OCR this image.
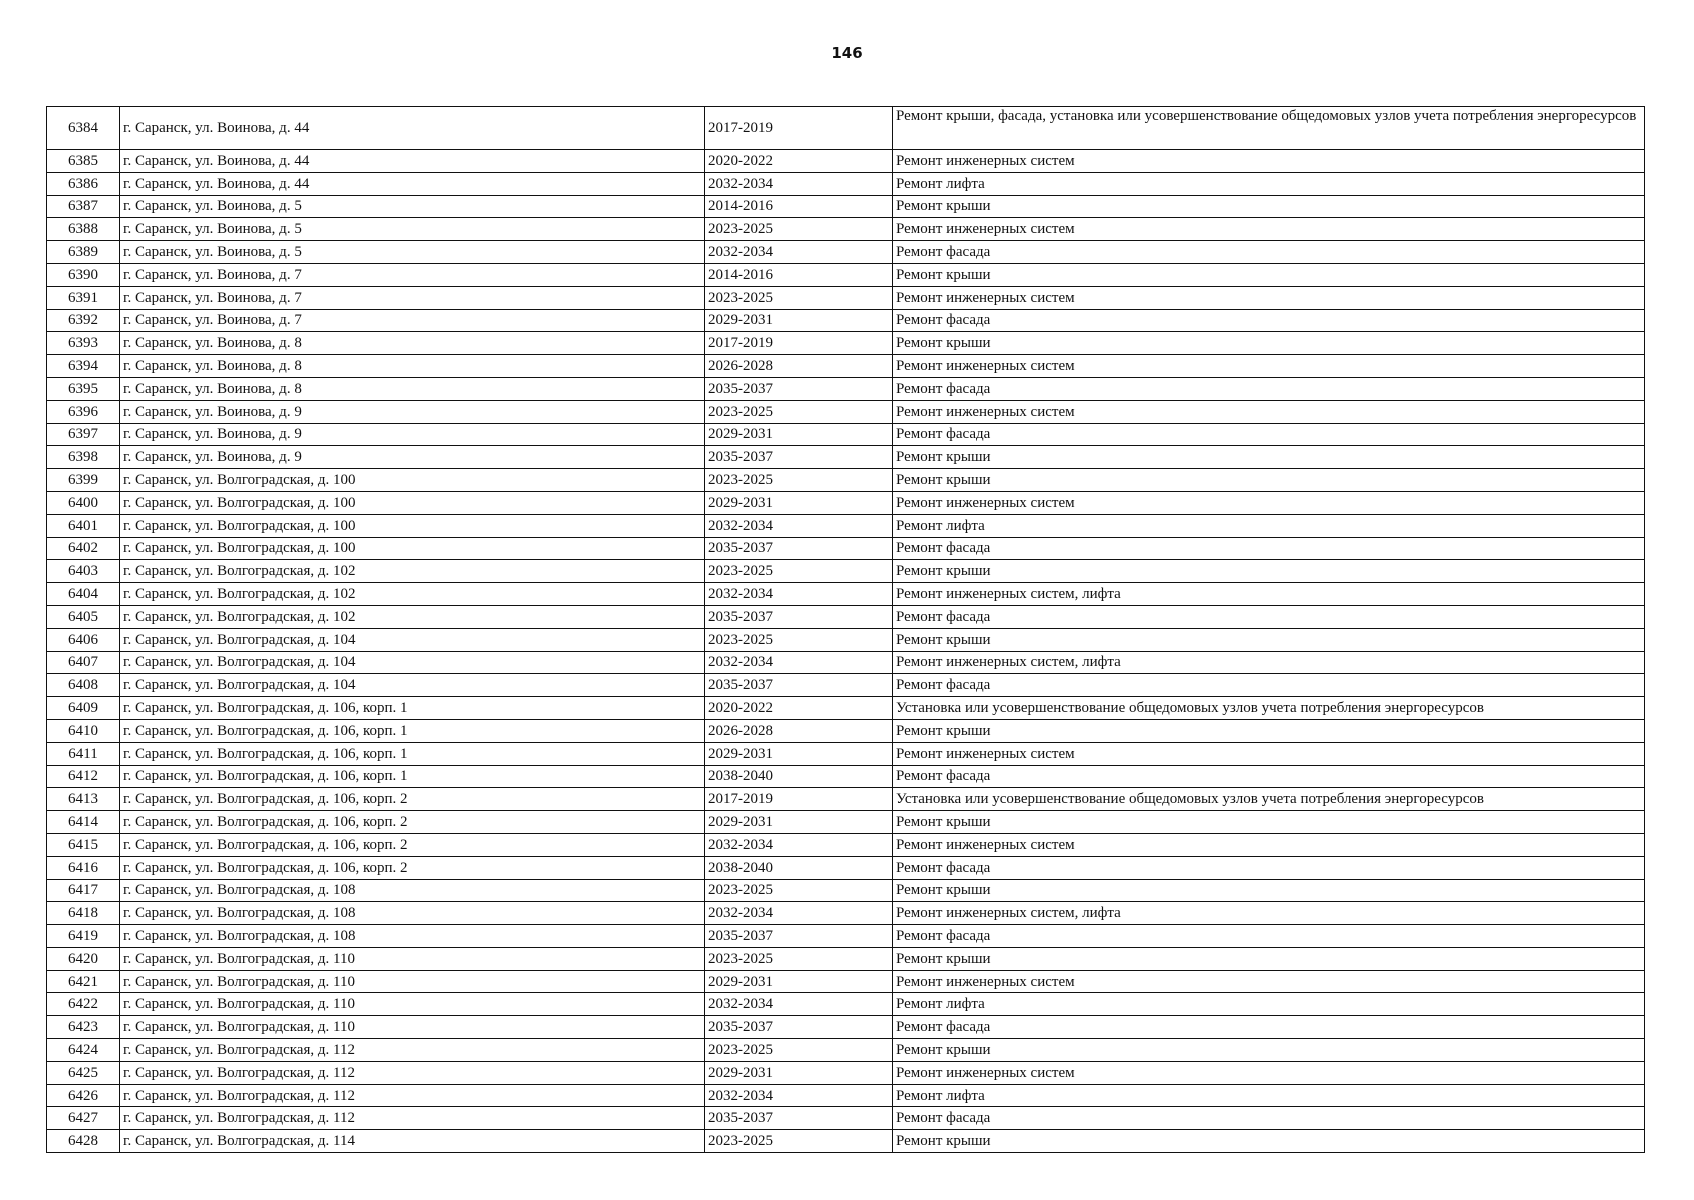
146
6384	г. Саранск, ул. Воинова, д. 44	2017-2019	Ремонт крыши, фасада, установка или усовершенствование общедомовых узлов учета потребления энергоресурсов
6385	г. Саранск, ул. Воинова, д. 44	2020-2022	Ремонт инженерных систем
6386	г. Саранск, ул. Воинова, д. 44	2032-2034	Ремонт лифта
6387	г. Саранск, ул. Воинова, д. 5	2014-2016	Ремонт крыши
6388	г. Саранск, ул. Воинова, д. 5	2023-2025	Ремонт инженерных систем
6389	г. Саранск, ул. Воинова, д. 5	2032-2034	Ремонт фасада
6390	г. Саранск, ул. Воинова, д. 7	2014-2016	Ремонт крыши
6391	г. Саранск, ул. Воинова, д. 7	2023-2025	Ремонт инженерных систем
6392	г. Саранск, ул. Воинова, д. 7	2029-2031	Ремонт фасада
6393	г. Саранск, ул. Воинова, д. 8	2017-2019	Ремонт крыши
6394	г. Саранск, ул. Воинова, д. 8	2026-2028	Ремонт инженерных систем
6395	г. Саранск, ул. Воинова, д. 8	2035-2037	Ремонт фасада
6396	г. Саранск, ул. Воинова, д. 9	2023-2025	Ремонт инженерных систем
6397	г. Саранск, ул. Воинова, д. 9	2029-2031	Ремонт фасада
6398	г. Саранск, ул. Воинова, д. 9	2035-2037	Ремонт крыши
6399	г. Саранск, ул. Волгоградская, д. 100	2023-2025	Ремонт крыши
6400	г. Саранск, ул. Волгоградская, д. 100	2029-2031	Ремонт инженерных систем
6401	г. Саранск, ул. Волгоградская, д. 100	2032-2034	Ремонт лифта
6402	г. Саранск, ул. Волгоградская, д. 100	2035-2037	Ремонт фасада
6403	г. Саранск, ул. Волгоградская, д. 102	2023-2025	Ремонт крыши
6404	г. Саранск, ул. Волгоградская, д. 102	2032-2034	Ремонт инженерных систем, лифта
6405	г. Саранск, ул. Волгоградская, д. 102	2035-2037	Ремонт фасада
6406	г. Саранск, ул. Волгоградская, д. 104	2023-2025	Ремонт крыши
6407	г. Саранск, ул. Волгоградская, д. 104	2032-2034	Ремонт инженерных систем, лифта
6408	г. Саранск, ул. Волгоградская, д. 104	2035-2037	Ремонт фасада
6409	г. Саранск, ул. Волгоградская, д. 106, корп. 1	2020-2022	Установка или усовершенствование общедомовых узлов учета потребления энергоресурсов
6410	г. Саранск, ул. Волгоградская, д. 106, корп. 1	2026-2028	Ремонт крыши
6411	г. Саранск, ул. Волгоградская, д. 106, корп. 1	2029-2031	Ремонт инженерных систем
6412	г. Саранск, ул. Волгоградская, д. 106, корп. 1	2038-2040	Ремонт фасада
6413	г. Саранск, ул. Волгоградская, д. 106, корп. 2	2017-2019	Установка или усовершенствование общедомовых узлов учета потребления энергоресурсов
6414	г. Саранск, ул. Волгоградская, д. 106, корп. 2	2029-2031	Ремонт крыши
6415	г. Саранск, ул. Волгоградская, д. 106, корп. 2	2032-2034	Ремонт инженерных систем
6416	г. Саранск, ул. Волгоградская, д. 106, корп. 2	2038-2040	Ремонт фасада
6417	г. Саранск, ул. Волгоградская, д. 108	2023-2025	Ремонт крыши
6418	г. Саранск, ул. Волгоградская, д. 108	2032-2034	Ремонт инженерных систем, лифта
6419	г. Саранск, ул. Волгоградская, д. 108	2035-2037	Ремонт фасада
6420	г. Саранск, ул. Волгоградская, д. 110	2023-2025	Ремонт крыши
6421	г. Саранск, ул. Волгоградская, д. 110	2029-2031	Ремонт инженерных систем
6422	г. Саранск, ул. Волгоградская, д. 110	2032-2034	Ремонт лифта
6423	г. Саранск, ул. Волгоградская, д. 110	2035-2037	Ремонт фасада
6424	г. Саранск, ул. Волгоградская, д. 112	2023-2025	Ремонт крыши
6425	г. Саранск, ул. Волгоградская, д. 112	2029-2031	Ремонт инженерных систем
6426	г. Саранск, ул. Волгоградская, д. 112	2032-2034	Ремонт лифта
6427	г. Саранск, ул. Волгоградская, д. 112	2035-2037	Ремонт фасада
6428	г. Саранск, ул. Волгоградская, д. 114	2023-2025	Ремонт крыши
